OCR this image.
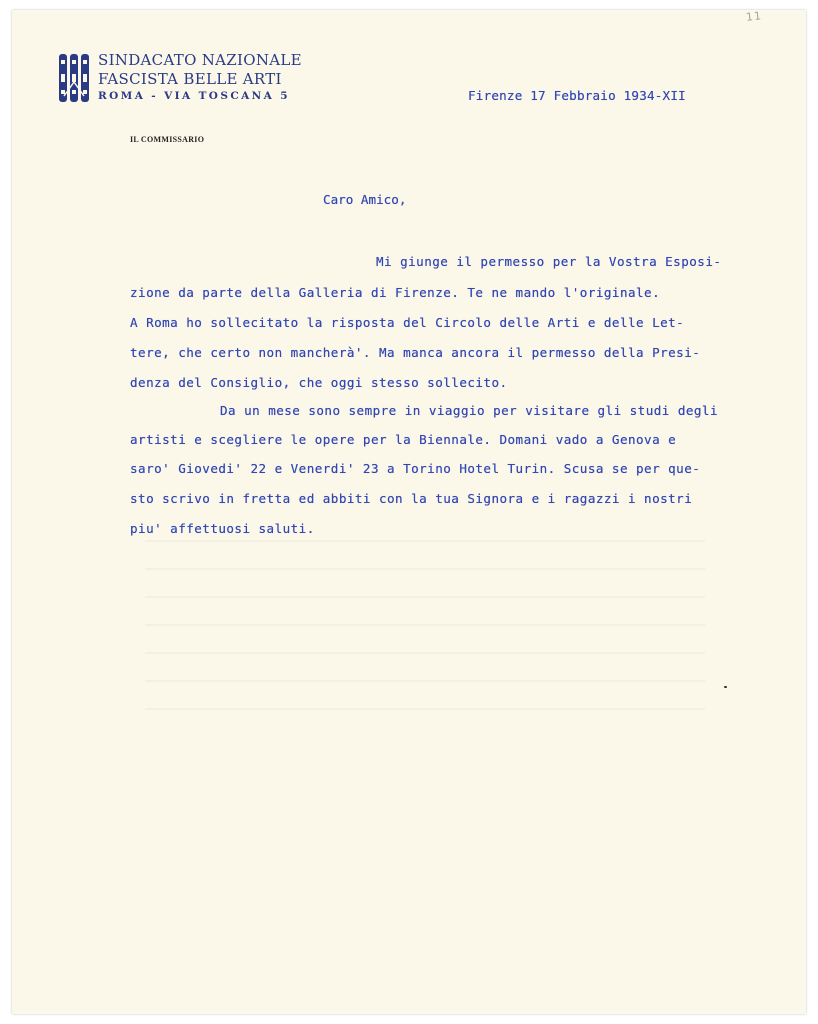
11
SINDACATO NAZIONALE
FASCISTA BELLE ARTI
ROMA - VIA TOSCANA 5
IL COMMISSARIO
Firenze 17 Febbraio 1934-XII
Caro Amico,
Mi giunge il permesso per la Vostra Esposi-
zione da parte della Galleria di Firenze. Te ne mando l'originale.
A Roma ho sollecitato la risposta del Circolo delle Arti e delle Let-
tere, che certo non mancherà'. Ma manca ancora il permesso della Presi-
denza del Consiglio, che oggi stesso sollecito.
Da un mese sono sempre in viaggio per visitare gli studi degli
artisti e scegliere le opere per la Biennale. Domani vado a Genova e
saro' Giovedi' 22 e Venerdi' 23 a Torino Hotel Turin. Scusa se per que-
sto scrivo in fretta ed abbiti con la tua Signora e i ragazzi i nostri
piu' affettuosi saluti.
